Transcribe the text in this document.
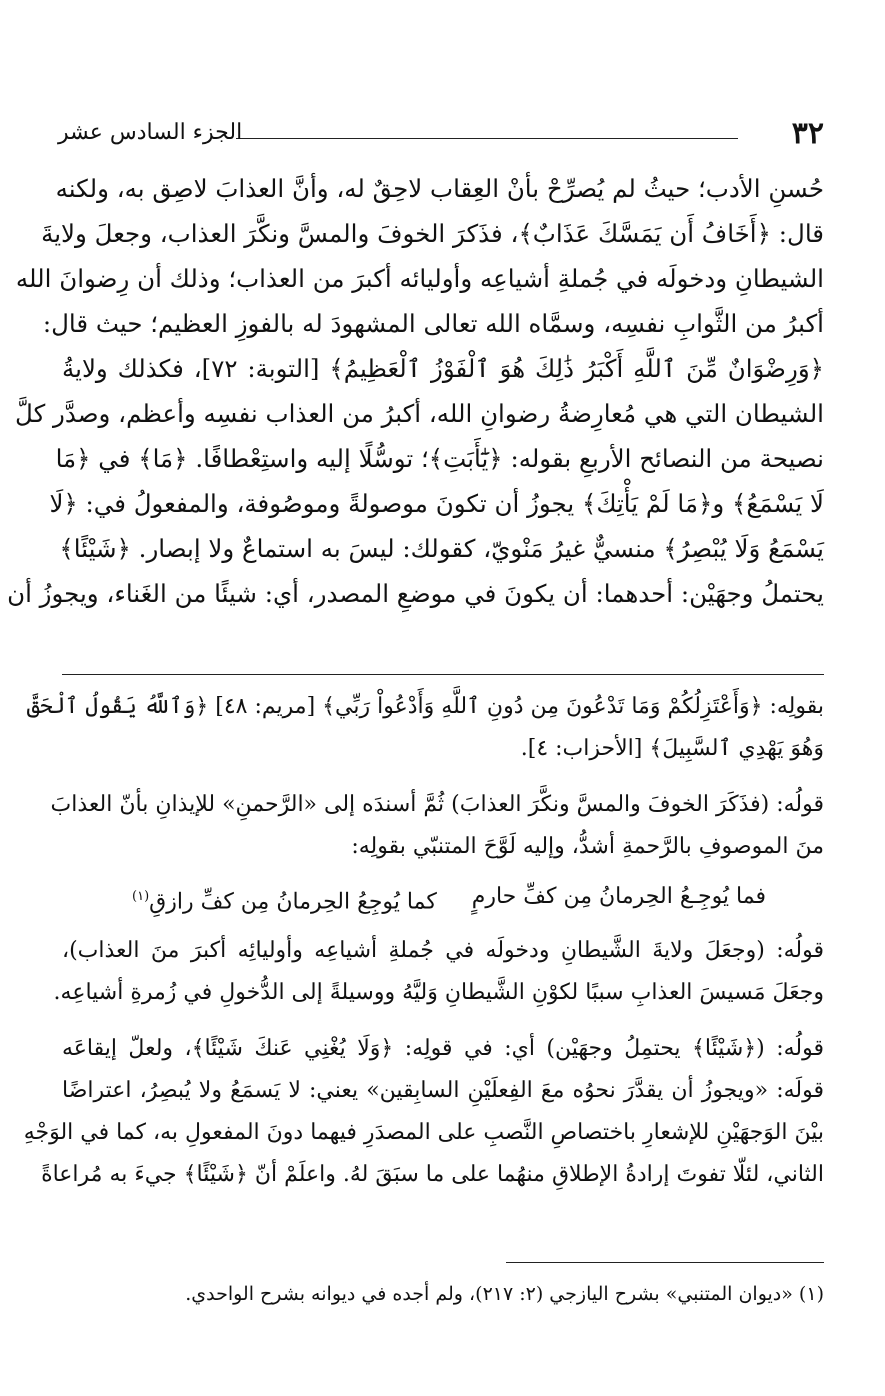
٣٢
الجزء السادس عشر
حُسنِ الأدب؛ حيثُ لم يُصرِّحْ بأنْ العِقاب لاحِقٌ له، وأنَّ العذابَ لاصِق به، ولكنه
قال: ﴿أَخَافُ أَن يَمَسَّكَ عَذَابٌ﴾، فذَكرَ الخوفَ والمسَّ ونكَّرَ العذاب، وجعلَ ولايةَ
الشيطانِ ودخولَه في جُملةِ أشياعِه وأوليائه أكبرَ من العذاب؛ وذلك أن رِضوانَ الله
أكبرُ من الثَّوابِ نفسِه، وسمَّاه الله تعالى المشهودَ له بالفوزِ العظيم؛ حيث قال:
﴿وَرِضْوَانٌ مِّنَ ٱللَّهِ أَكْبَرُ ذَٰلِكَ هُوَ ٱلْفَوْزُ ٱلْعَظِيمُ﴾ [التوبة: ٧٢]، فكذلك ولايةُ
الشيطان التي هي مُعارِضةُ رضوانِ الله، أكبرُ من العذاب نفسِه وأعظم، وصدَّر كلَّ
نصيحة من النصائح الأربعِ بقوله: ﴿يَٰٓأَبَتِ﴾؛ توسُّلًا إليه واستِعْطافًا. ﴿مَا﴾ في ﴿مَا
لَا يَسْمَعُ﴾ و﴿مَا لَمْ يَأْتِكَ﴾ يجوزُ أن تكونَ موصولةً وموصُوفة، والمفعولُ في: ﴿لَا
يَسْمَعُ وَلَا يُبْصِرُ﴾ منسيٌّ غيرُ مَنْويّ، كقولك: ليسَ به استماعٌ ولا إبصار. ﴿شَيْئًا﴾
يحتملُ وجهَيْن: أحدهما: أن يكونَ في موضعِ المصدر، أي: شيئًا من الغَناء، ويجوزُ أن
بقولِه: ﴿وَأَعْتَزِلُكُمْ وَمَا تَدْعُونَ مِن دُونِ ٱللَّهِ وَأَدْعُواْ رَبِّي﴾ [مريم: ٤٨] ﴿وَٱللَّهُ يَقُولُ ٱلْحَقَّ
وَهُوَ يَهْدِي ٱلسَّبِيلَ﴾ [الأحزاب: ٤].
قولُه: (فذَكَرَ الخوفَ والمسَّ ونكَّرَ العذابَ) ثُمَّ أسندَه إلى «الرَّحمنِ» للإيذانِ بأنّ العذابَ
منَ الموصوفِ بالرَّحمةِ أشدُّ، وإليه لَوَّحَ المتنبّي بقولِه:
فما يُوجِـعُ الحِرمانُ مِن كفِّ حارمٍ
كما يُوجِعُ الحِرمانُ مِن كفِّ رازقِ$^{(١)}$
قولُه: (وجعَلَ ولايةَ الشَّيطانِ ودخولَه في جُملةِ أشياعِه وأوليائِه أكبرَ منَ العذاب)،
وجعَلَ مَسيسَ العذابِ سببًا لكوْنِ الشَّيطانِ وَليَّهُ ووسيلةً إلى الدُّخولِ في زُمرةِ أشياعِه.
قولُه: (﴿شَيْئًا﴾ يحتمِلُ وجهَيْن) أي: في قولِه: ﴿وَلَا يُغْنِي عَنكَ شَيْئًا﴾، ولعلّ إيقاعَه
قولَه: «ويجوزُ أن يقدَّرَ نحوُه معَ الفِعلَيْنِ السابِقين» يعني: لا يَسمَعُ ولا يُبصِرُ، اعتراضًا
بيْنَ الوَجهَيْنِ للإشعارِ باختصاصِ النَّصبِ على المصدَرِ فيهما دونَ المفعولِ به، كما في الوَجْهِ
الثاني، لئلّا تفوتَ إرادةُ الإطلاقِ منهُما على ما سبَقَ لهُ. واعلَمْ أنّ ﴿شَيْئًا﴾ جيءَ به مُراعاةً
(١) «ديوان المتنبي» بشرح اليازجي (٢: ٢١٧)، ولم أجده في ديوانه بشرح الواحدي.
